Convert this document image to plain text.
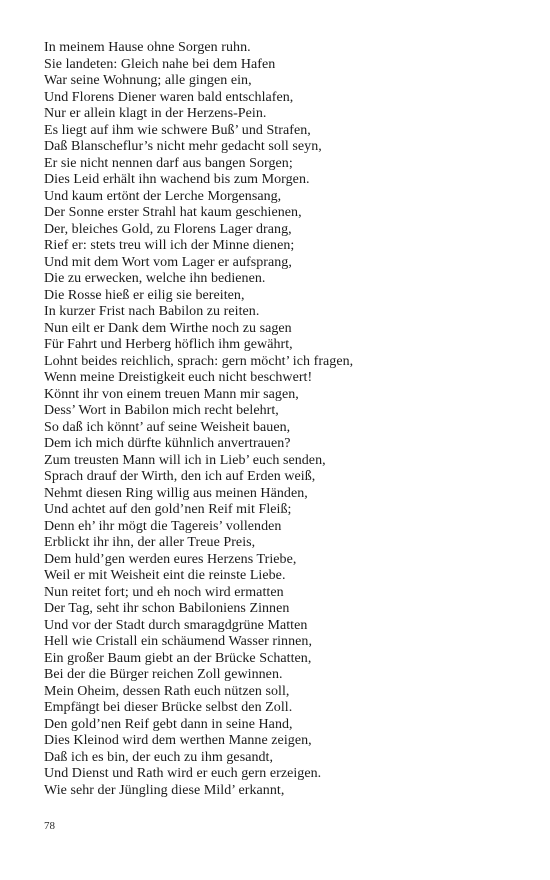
In meinem Hause ohne Sorgen ruhn.
Sie landeten: Gleich nahe bei dem Hafen
War seine Wohnung; alle gingen ein,
Und Florens Diener waren bald entschlafen,
Nur er allein klagt in der Herzens-Pein.
Es liegt auf ihm wie schwere Buß’ und Strafen,
Daß Blanscheflur’s nicht mehr gedacht soll seyn,
Er sie nicht nennen darf aus bangen Sorgen;
Dies Leid erhält ihn wachend bis zum Morgen.
Und kaum ertönt der Lerche Morgensang,
Der Sonne erster Strahl hat kaum geschienen,
Der, bleiches Gold, zu Florens Lager drang,
Rief er: stets treu will ich der Minne dienen;
Und mit dem Wort vom Lager er aufsprang,
Die zu erwecken, welche ihn bedienen.
Die Rosse hieß er eilig sie bereiten,
In kurzer Frist nach Babilon zu reiten.
Nun eilt er Dank dem Wirthe noch zu sagen
Für Fahrt und Herberg höflich ihm gewährt,
Lohnt beides reichlich, sprach: gern möcht’ ich fragen,
Wenn meine Dreistigkeit euch nicht beschwert!
Könnt ihr von einem treuen Mann mir sagen,
Dess’ Wort in Babilon mich recht belehrt,
So daß ich könnt’ auf seine Weisheit bauen,
Dem ich mich dürfte kühnlich anvertrauen?
Zum treusten Mann will ich in Lieb’ euch senden,
Sprach drauf der Wirth, den ich auf Erden weiß,
Nehmt diesen Ring willig aus meinen Händen,
Und achtet auf den gold’nen Reif mit Fleiß;
Denn eh’ ihr mögt die Tagereis’ vollenden
Erblickt ihr ihn, der aller Treue Preis,
Dem huld’gen werden eures Herzens Triebe,
Weil er mit Weisheit eint die reinste Liebe.
Nun reitet fort; und eh noch wird ermatten
Der Tag, seht ihr schon Babiloniens Zinnen
Und vor der Stadt durch smaragdgrüne Matten
Hell wie Cristall ein schäumend Wasser rinnen,
Ein großer Baum giebt an der Brücke Schatten,
Bei der die Bürger reichen Zoll gewinnen.
Mein Oheim, dessen Rath euch nützen soll,
Empfängt bei dieser Brücke selbst den Zoll.
Den gold’nen Reif gebt dann in seine Hand,
Dies Kleinod wird dem werthen Manne zeigen,
Daß ich es bin, der euch zu ihm gesandt,
Und Dienst und Rath wird er euch gern erzeigen.
Wie sehr der Jüngling diese Mild’ erkannt,
78
